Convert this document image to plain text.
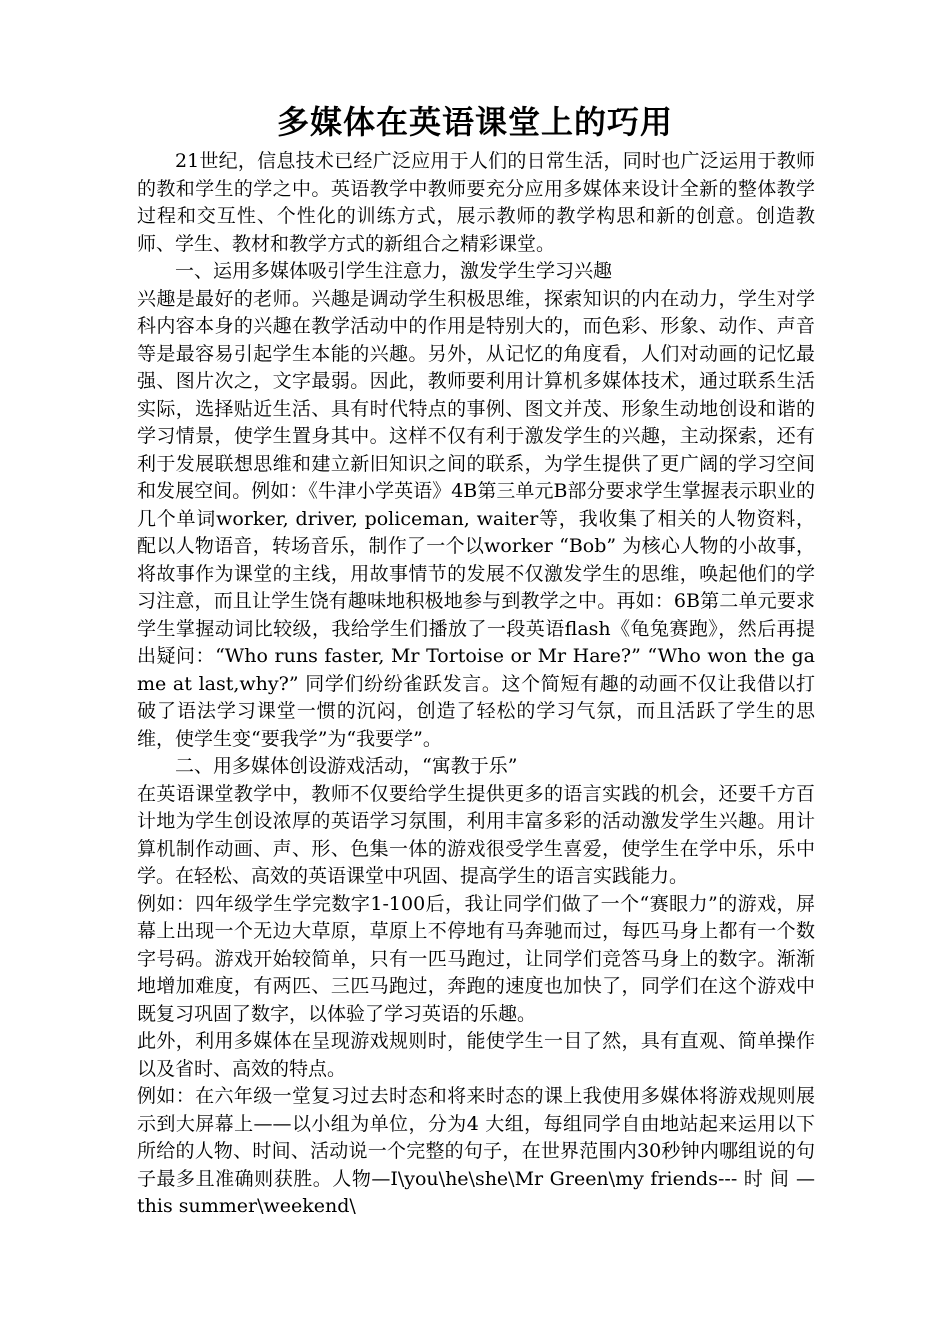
多媒体在英语课堂上的巧用

21世纪，信息技术已经广泛应用于人们的日常生活，同时也广泛运用于教师的教和学生的学之中。英语教学中教师要充分应用多媒体来设计全新的整体教学过程和交互性、个性化的训练方式，展示教师的教学构思和新的创意。创造教师、学生、教材和教学方式的新组合之精彩课堂。

一、运用多媒体吸引学生注意力，激发学生学习兴趣

兴趣是最好的老师。兴趣是调动学生积极思维，探索知识的内在动力，学生对学科内容本身的兴趣在教学活动中的作用是特别大的，而色彩、形象、动作、声音等是最容易引起学生本能的兴趣。另外，从记忆的角度看，人们对动画的记忆最强、图片次之，文字最弱。因此，教师要利用计算机多媒体技术，通过联系生活实际，选择贴近生活、具有时代特点的事例、图文并茂、形象生动地创设和谐的学习情景，使学生置身其中。这样不仅有利于激发学生的兴趣，主动探索，还有利于发展联想思维和建立新旧知识之间的联系，为学生提供了更广阔的学习空间和发展空间。例如：《牛津小学英语》4B第三单元B部分要求学生掌握表示职业的几个单词worker, driver, policeman, waiter等，我收集了相关的人物资料，配以人物语音，转场音乐，制作了一个以worker “Bob” 为核心人物的小故事，将故事作为课堂的主线，用故事情节的发展不仅激发学生的思维，唤起他们的学习注意，而且让学生饶有趣味地积极地参与到教学之中。再如：6B第二单元要求学生掌握动词比较级，我给学生们播放了一段英语flash《龟兔赛跑》，然后再提出疑问：“Who runs faster, Mr Tortoise or Mr Hare?” “Who won the game at last,why?” 同学们纷纷雀跃发言。这个简短有趣的动画不仅让我借以打破了语法学习课堂一惯的沉闷，创造了轻松的学习气氛，而且活跃了学生的思维，使学生变“要我学”为“我要学”。

二、用多媒体创设游戏活动，“寓教于乐”

在英语课堂教学中，教师不仅要给学生提供更多的语言实践的机会，还要千方百计地为学生创设浓厚的英语学习氛围，利用丰富多彩的活动激发学生兴趣。用计算机制作动画、声、形、色集一体的游戏很受学生喜爱，使学生在学中乐，乐中学。在轻松、高效的英语课堂中巩固、提高学生的语言实践能力。

例如：四年级学生学完数字1-100后，我让同学们做了一个“赛眼力”的游戏，屏幕上出现一个无边大草原，草原上不停地有马奔驰而过，每匹马身上都有一个数字号码。游戏开始较简单，只有一匹马跑过，让同学们竞答马身上的数字。渐渐地增加难度，有两匹、三匹马跑过，奔跑的速度也加快了，同学们在这个游戏中既复习巩固了数字，以体验了学习英语的乐趣。

此外，利用多媒体在呈现游戏规则时，能使学生一目了然，具有直观、简单操作以及省时、高效的特点。

例如：在六年级一堂复习过去时态和将来时态的课上我使用多媒体将游戏规则展示到大屏幕上——以小组为单位，分为4 大组，每组同学自由地站起来运用以下所给的人物、时间、活动说一个完整的句子，在世界范围内30秒钟内哪组说的句子最多且准确则获胜。人物—I\you\he\she\Mr Green\my friends--- 时 间 — this summer\weekend\
